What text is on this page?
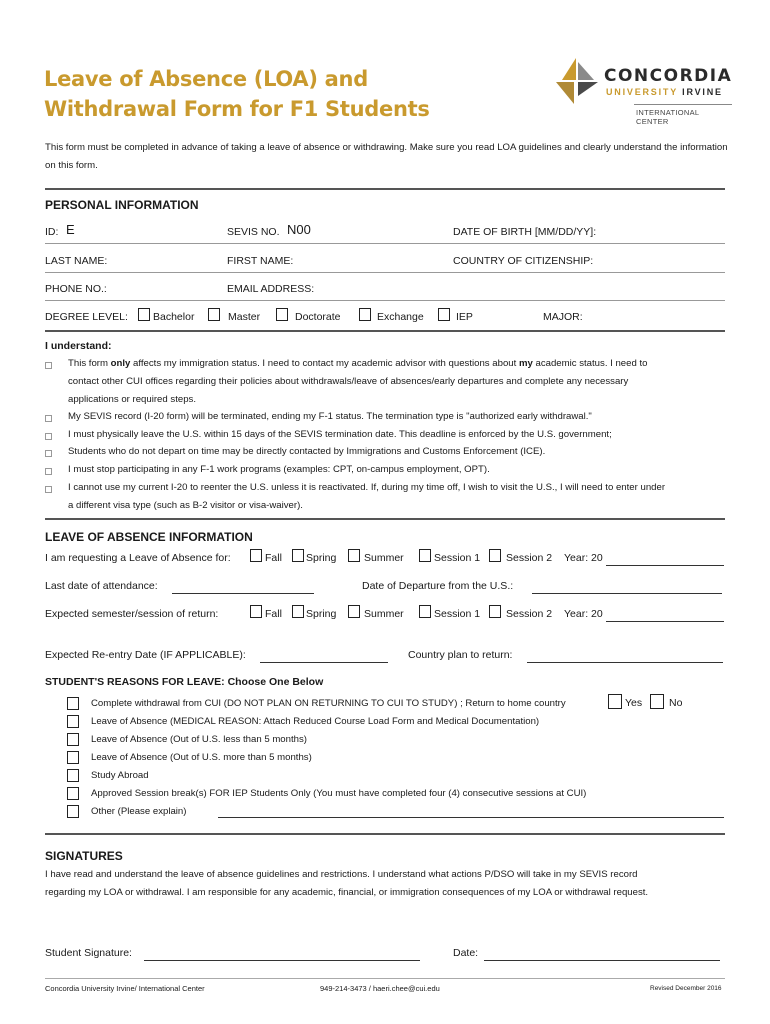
Leave of Absence (LOA) and
Withdrawal Form for F1 Students
CONCORDIA
UNIVERSITY IRVINE
INTERNATIONAL CENTER
This form must be completed in advance of taking a leave of absence or withdrawing. Make sure you read LOA guidelines and clearly understand the information on this form.
PERSONAL INFORMATION
ID: E	SEVIS NO. N00	DATE OF BIRTH [MM/DD/YY]:
LAST NAME:	FIRST NAME:	COUNTRY OF CITIZENSHIP:
PHONE NO.:	EMAIL ADDRESS:
DEGREE LEVEL: Bachelor	Master	Doctorate	Exchange	IEP	MAJOR:
I understand:
This form only affects my immigration status. I need to contact my academic advisor with questions about my academic status. I need to
contact other CUI offices regarding their policies about withdrawals/leave of absences/early departures and complete any necessary
applications or required steps.
My SEVIS record (I-20 form) will be terminated, ending my F-1 status. The termination type is "authorized early withdrawal."
I must physically leave the U.S. within 15 days of the SEVIS termination date. This deadline is enforced by the U.S. government;
Students who do not depart on time may be directly contacted by Immigrations and Customs Enforcement (ICE).
I must stop participating in any F-1 work programs (examples: CPT, on-campus employment, OPT).
I cannot use my current I-20 to reenter the U.S. unless it is reactivated. If, during my time off, I wish to visit the U.S., I will need to enter under
a different visa type (such as B-2 visitor or visa-waiver).
LEAVE OF ABSENCE INFORMATION
I am requesting a Leave of Absence for:	Fall Spring	Summer	Session 1 Session 2 Year: 20
Last date of attendance:	Date of Departure from the U.S.:
Expected semester/session of return:	Fall Spring	Summer	Session 1 Session 2 Year: 20
Expected Re-entry Date (IF APPLICABLE):	Country plan to return:
STUDENT'S REASONS FOR LEAVE: Choose One Below
Complete withdrawal from CUI (DO NOT PLAN ON RETURNING TO CUI TO STUDY) ; Return to home country	Yes	No
Leave of Absence (MEDICAL REASON: Attach Reduced Course Load Form and Medical Documentation)
Leave of Absence (Out of U.S. less than 5 months)
Leave of Absence (Out of U.S. more than 5 months)
Study Abroad
Approved Session break(s) FOR IEP Students Only (You must have completed four (4) consecutive sessions at CUI)
Other (Please explain)
SIGNATURES
I have read and understand the leave of absence guidelines and restrictions. I understand what actions P/DSO will take in my SEVIS record
regarding my LOA or withdrawal. I am responsible for any academic, financial, or immigration consequences of my LOA or withdrawal request.
Student Signature:	Date:
Concordia University Irvine/ International Center	949-214-3473 / haeri.chee@cui.edu	Revised December 2016
